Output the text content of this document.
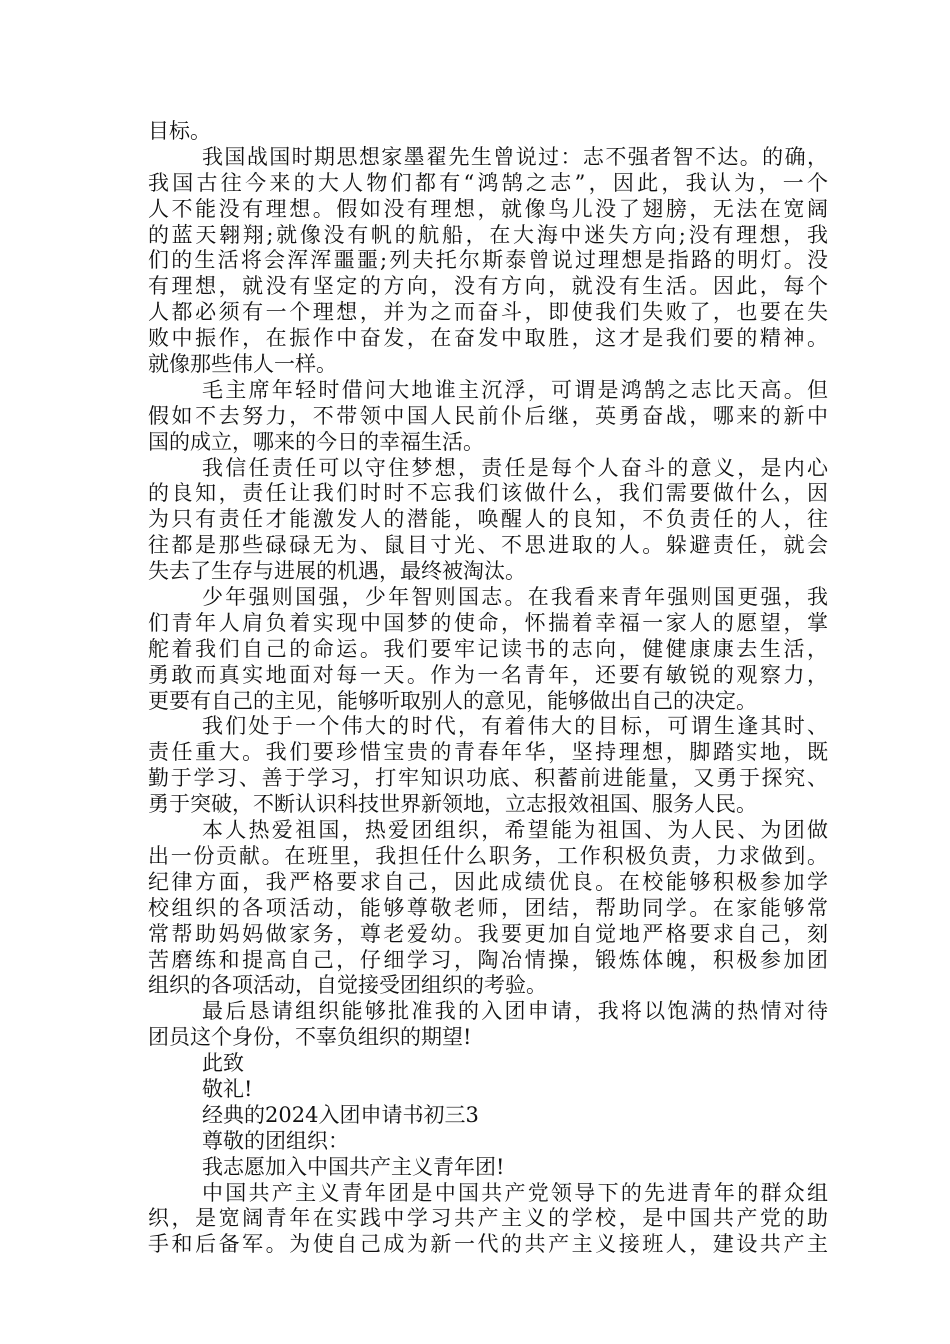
目标。
我国战国时期思想家墨翟先生曾说过：志不强者智不达。的确，
我国古往今来的大人物们都有“鸿鹄之志”，因此，我认为，一个
人不能没有理想。假如没有理想，就像鸟儿没了翅膀，无法在宽阔
的蓝天翱翔;就像没有帆的航船，在大海中迷失方向;没有理想，我
们的生活将会浑浑噩噩;列夫托尔斯泰曾说过理想是指路的明灯。没
有理想，就没有坚定的方向，没有方向，就没有生活。因此，每个
人都必须有一个理想，并为之而奋斗，即使我们失败了，也要在失
败中振作，在振作中奋发，在奋发中取胜，这才是我们要的精神。
就像那些伟人一样。
毛主席年轻时借问大地谁主沉浮，可谓是鸿鹄之志比天高。但
假如不去努力，不带领中国人民前仆后继，英勇奋战，哪来的新中
国的成立，哪来的今日的幸福生活。
我信任责任可以守住梦想，责任是每个人奋斗的意义，是内心
的良知，责任让我们时时不忘我们该做什么，我们需要做什么，因
为只有责任才能激发人的潜能，唤醒人的良知，不负责任的人，往
往都是那些碌碌无为、鼠目寸光、不思进取的人。躲避责任，就会
失去了生存与进展的机遇，最终被淘汰。
少年强则国强，少年智则国志。在我看来青年强则国更强，我
们青年人肩负着实现中国梦的使命，怀揣着幸福一家人的愿望，掌
舵着我们自己的命运。我们要牢记读书的志向，健健康康去生活，
勇敢而真实地面对每一天。作为一名青年，还要有敏锐的观察力，
更要有自己的主见，能够听取别人的意见，能够做出自己的决定。
我们处于一个伟大的时代，有着伟大的目标，可谓生逢其时、
责任重大。我们要珍惜宝贵的青春年华，坚持理想，脚踏实地，既
勤于学习、善于学习，打牢知识功底、积蓄前进能量，又勇于探究、
勇于突破，不断认识科技世界新领地，立志报效祖国、服务人民。
本人热爱祖国，热爱团组织，希望能为祖国、为人民、为团做
出一份贡献。在班里，我担任什么职务，工作积极负责，力求做到。
纪律方面，我严格要求自己，因此成绩优良。在校能够积极参加学
校组织的各项活动，能够尊敬老师，团结，帮助同学。在家能够常
常帮助妈妈做家务，尊老爱幼。我要更加自觉地严格要求自己，刻
苦磨练和提高自己，仔细学习，陶冶情操，锻炼体魄，积极参加团
组织的各项活动，自觉接受团组织的考验。
最后恳请组织能够批准我的入团申请，我将以饱满的热情对待
团员这个身份，不辜负组织的期望!
此致
敬礼!
经典的2024入团申请书初三3
尊敬的团组织：
我志愿加入中国共产主义青年团!
中国共产主义青年团是中国共产党领导下的先进青年的群众组
织，是宽阔青年在实践中学习共产主义的学校，是中国共产党的助
手和后备军。为使自己成为新一代的共产主义接班人，建设共产主
